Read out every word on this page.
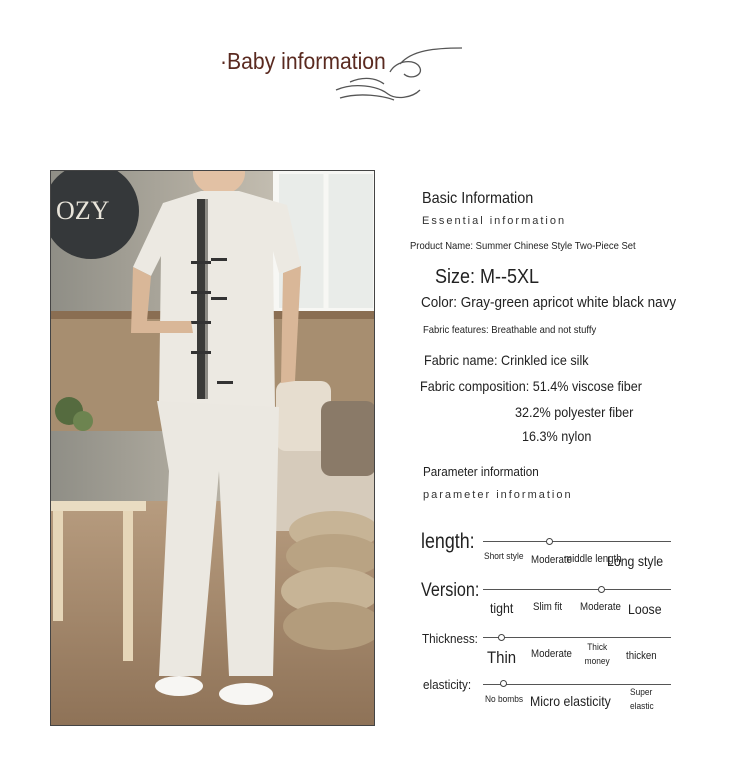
·Baby information
OZY	Basic Information
Essential information
Product Name: Summer Chinese Style Two-Piece Set
Size: M--5XL
Color: Gray-green apricot white black navy
Fabric features: Breathable and not stuffy
Fabric name: Crinkled ice silk
Fabric composition: 51.4% viscose fiber
32.2% polyester fiber
16.3% nylon
Parameter information
parameter information
length:
Short style Moderate
middle length
Long style
Version:
tight Slim fit Moderate Loose
Thickness:
Thin Moderate
Thick money thicken
elasticity:
No bombs Micro elasticity
Super elastic
